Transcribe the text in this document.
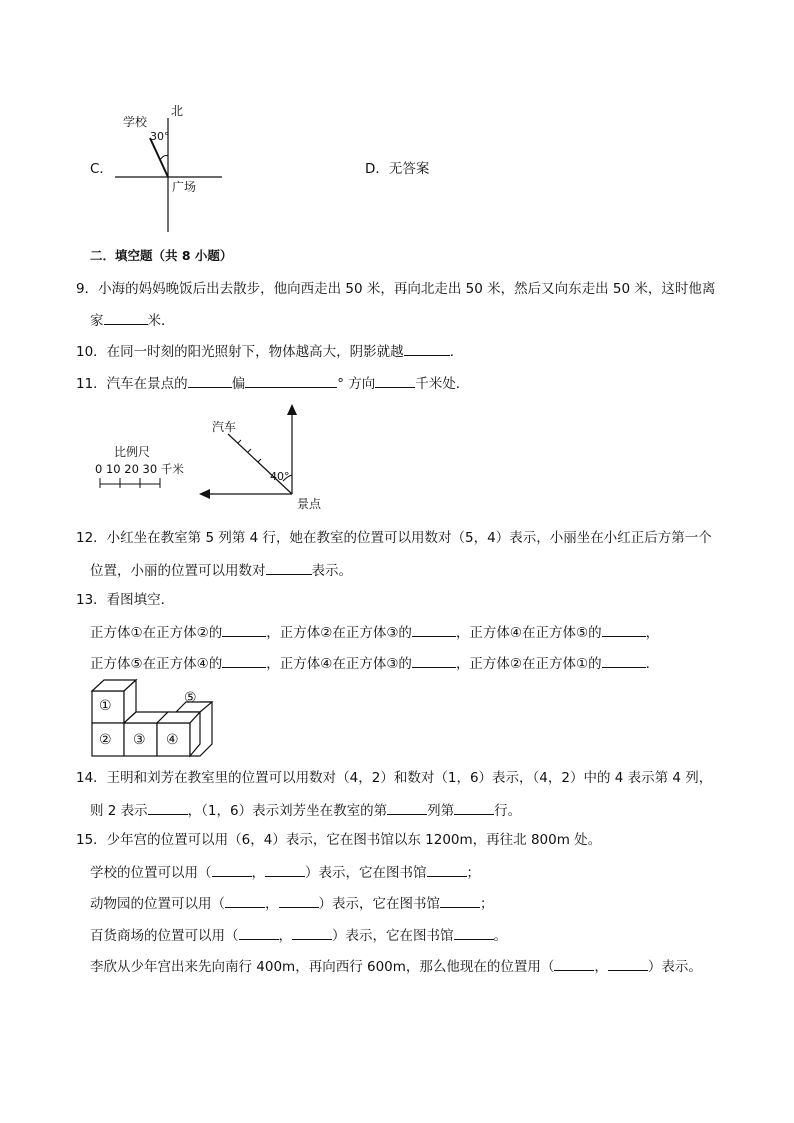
C．
北
学校
30°
广场
D．无答案
二．填空题（共 8 小题）
9．小海的妈妈晚饭后出去散步，他向西走出 50 米，再向北走出 50 米，然后又向东走出 50 米，这时他离
家	米．
10．在同一时刻的阳光照射下，物体越高大，阴影就越	．
11．汽车在景点的	偏	° 方向	千米处．
汽车
景点
40°
比例尺
0 10 20 30 千米
12．小红坐在教室第 5 列第 4 行，她在教室的位置可以用数对（5，4）表示，小丽坐在小红正后方第一个
位置，小丽的位置可以用数对	表示。
13．看图填空．
正方体①在正方体②的	，正方体②在正方体③的	，正方体④在正方体⑤的	，
正方体⑤在正方体④的	，正方体④在正方体③的	，正方体②在正方体①的	．
①
② ③ ④
⑤
14．王明和刘芳在教室里的位置可以用数对（4，2）和数对（1，6）表示，（4，2）中的 4 表示第 4 列，
则 2 表示	，（1，6）表示刘芳坐在教室的第	列第	行。
15．少年宫的位置可以用（6，4）表示，它在图书馆以东 1200m，再往北 800m 处。
学校的位置可以用（	，	）表示，它在图书馆	；
动物园的位置可以用（	，	）表示，它在图书馆	；
百货商场的位置可以用（	，	）表示，它在图书馆	。
李欣从少年宫出来先向南行 400m，再向西行 600m，那么他现在的位置用（	，	）表示。
